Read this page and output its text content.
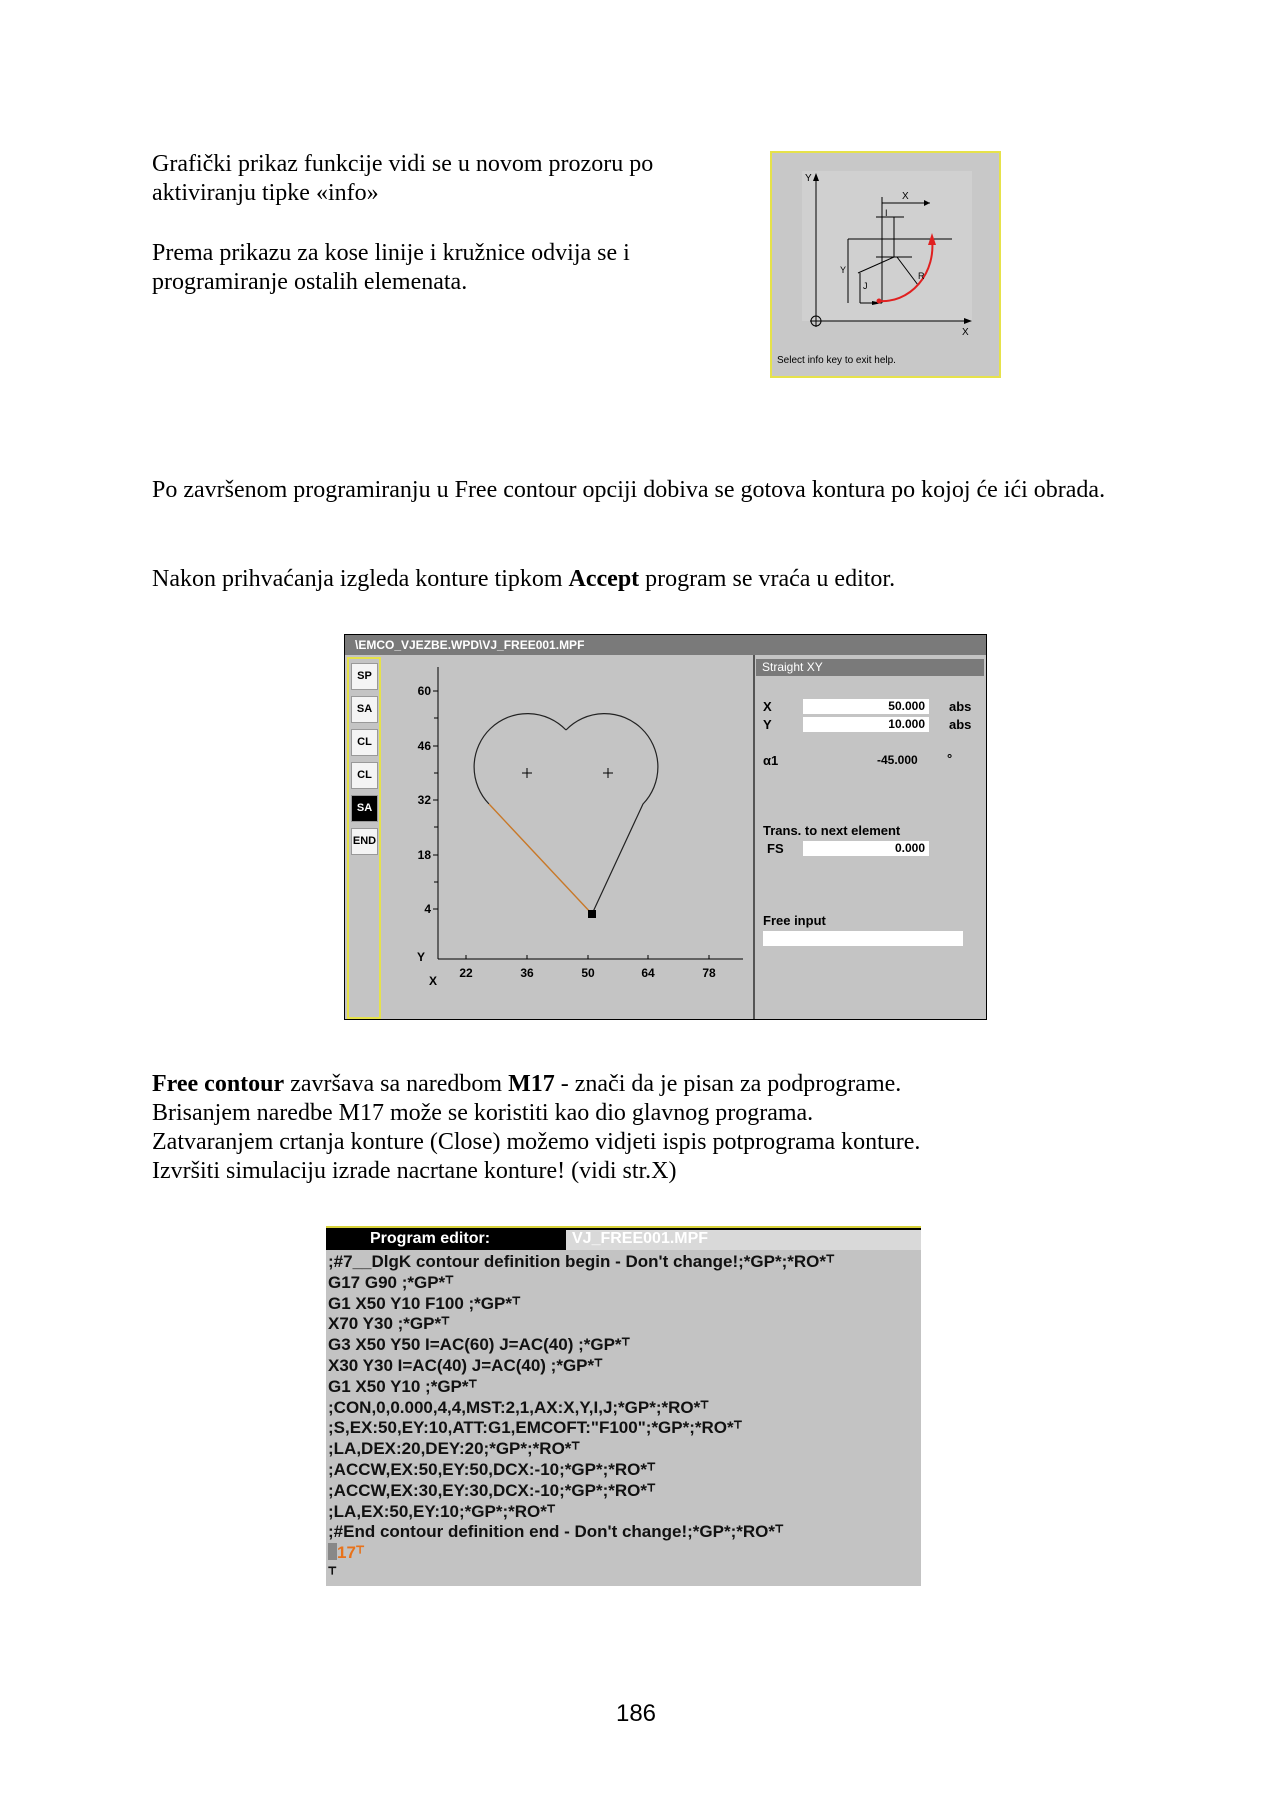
Grafički prikaz funkcije vidi se u novom prozoru po aktiviranju tipke «info»

Prema prikazu za kose linije i kružnice odvija se i programiranje ostalih elemenata.

Y
X
X
I
Y
J
R
Select info key to exit help.

Po završenom programiranju u Free contour opciji dobiva se gotova kontura po kojoj će ići obrada.

Nakon prihvaćanja izgleda konture tipkom Accept program se vraća u editor.

\EMCO_VJEZBE.WPD\VJ_FREE001.MPF
SP
SA
CL
CL
SA
END
60
46
32
18
4
22	36	50	64	78
Y
X
Straight XY
X	50.000	abs
Y	10.000	abs
α1	-45.000 °
Trans. to next element
FS	0.000
Free input
Free contour završava sa naredbom M17 - znači da je pisan za podprograme.
Brisanjem naredbe M17 može se koristiti kao dio glavnog programa.
Zatvaranjem crtanja konture (Close) možemo vidjeti ispis potprograma konture.
Izvršiti simulaciju izrade nacrtane konture! (vidi str.X)
Program editor:	VJ_FREE001.MPF
;#7__DlgK contour definition begin - Don't change!;*GP*;*RO*⸆
G17 G90 ;*GP*⸆
G1 X50 Y10 F100 ;*GP*⸆
X70 Y30 ;*GP*⸆
G3 X50 Y50 I=AC(60) J=AC(40) ;*GP*⸆
X30 Y30 I=AC(40) J=AC(40) ;*GP*⸆
G1 X50 Y10 ;*GP*⸆
;CON,0,0.000,4,4,MST:2,1,AX:X,Y,I,J;*GP*;*RO*⸆
;S,EX:50,EY:10,ATT:G1,EMCOFT:"F100";*GP*;*RO*⸆
;LA,DEX:20,DEY:20;*GP*;*RO*⸆
;ACCW,EX:50,EY:50,DCX:-10;*GP*;*RO*⸆
;ACCW,EX:30,EY:30,DCX:-10;*GP*;*RO*⸆
;LA,EX:50,EY:10;*GP*;*RO*⸆
;#End contour definition end - Don't change!;*GP*;*RO*⸆
17⸆
⸆
186
